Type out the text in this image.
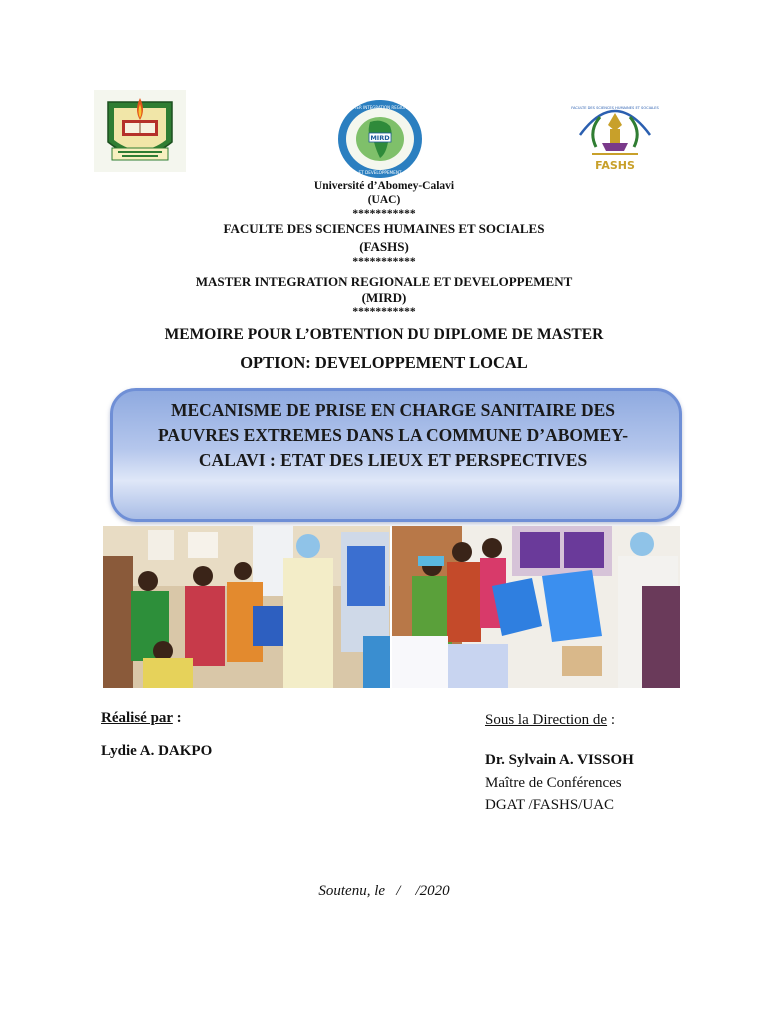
MIRD
MASTER INTEGRATION REGIONALE
ET DEVELOPPEMENT
FACULTE DES SCIENCES HUMAINES ET SOCIALES
FASHS
Université d’Abomey-Calavi
(UAC)
***********
FACULTE DES SCIENCES HUMAINES ET SOCIALES
(FASHS)
***********
MASTER INTEGRATION REGIONALE ET DEVELOPPEMENT
(MIRD)
***********
MEMOIRE POUR L’OBTENTION DU DIPLOME DE MASTER
OPTION: DEVELOPPEMENT LOCAL
MECANISME DE PRISE EN CHARGE SANITAIRE DES
PAUVRES EXTREMES DANS LA COMMUNE D’ABOMEY-
CALAVI : ETAT DES LIEUX ET PERSPECTIVES
Réalisé par :
Lydie A. DAKPO
Sous la Direction de :
Dr. Sylvain A. VISSOH
Maître de Conférences
DGAT /FASHS/UAC
Soutenu, le   /    /2020
